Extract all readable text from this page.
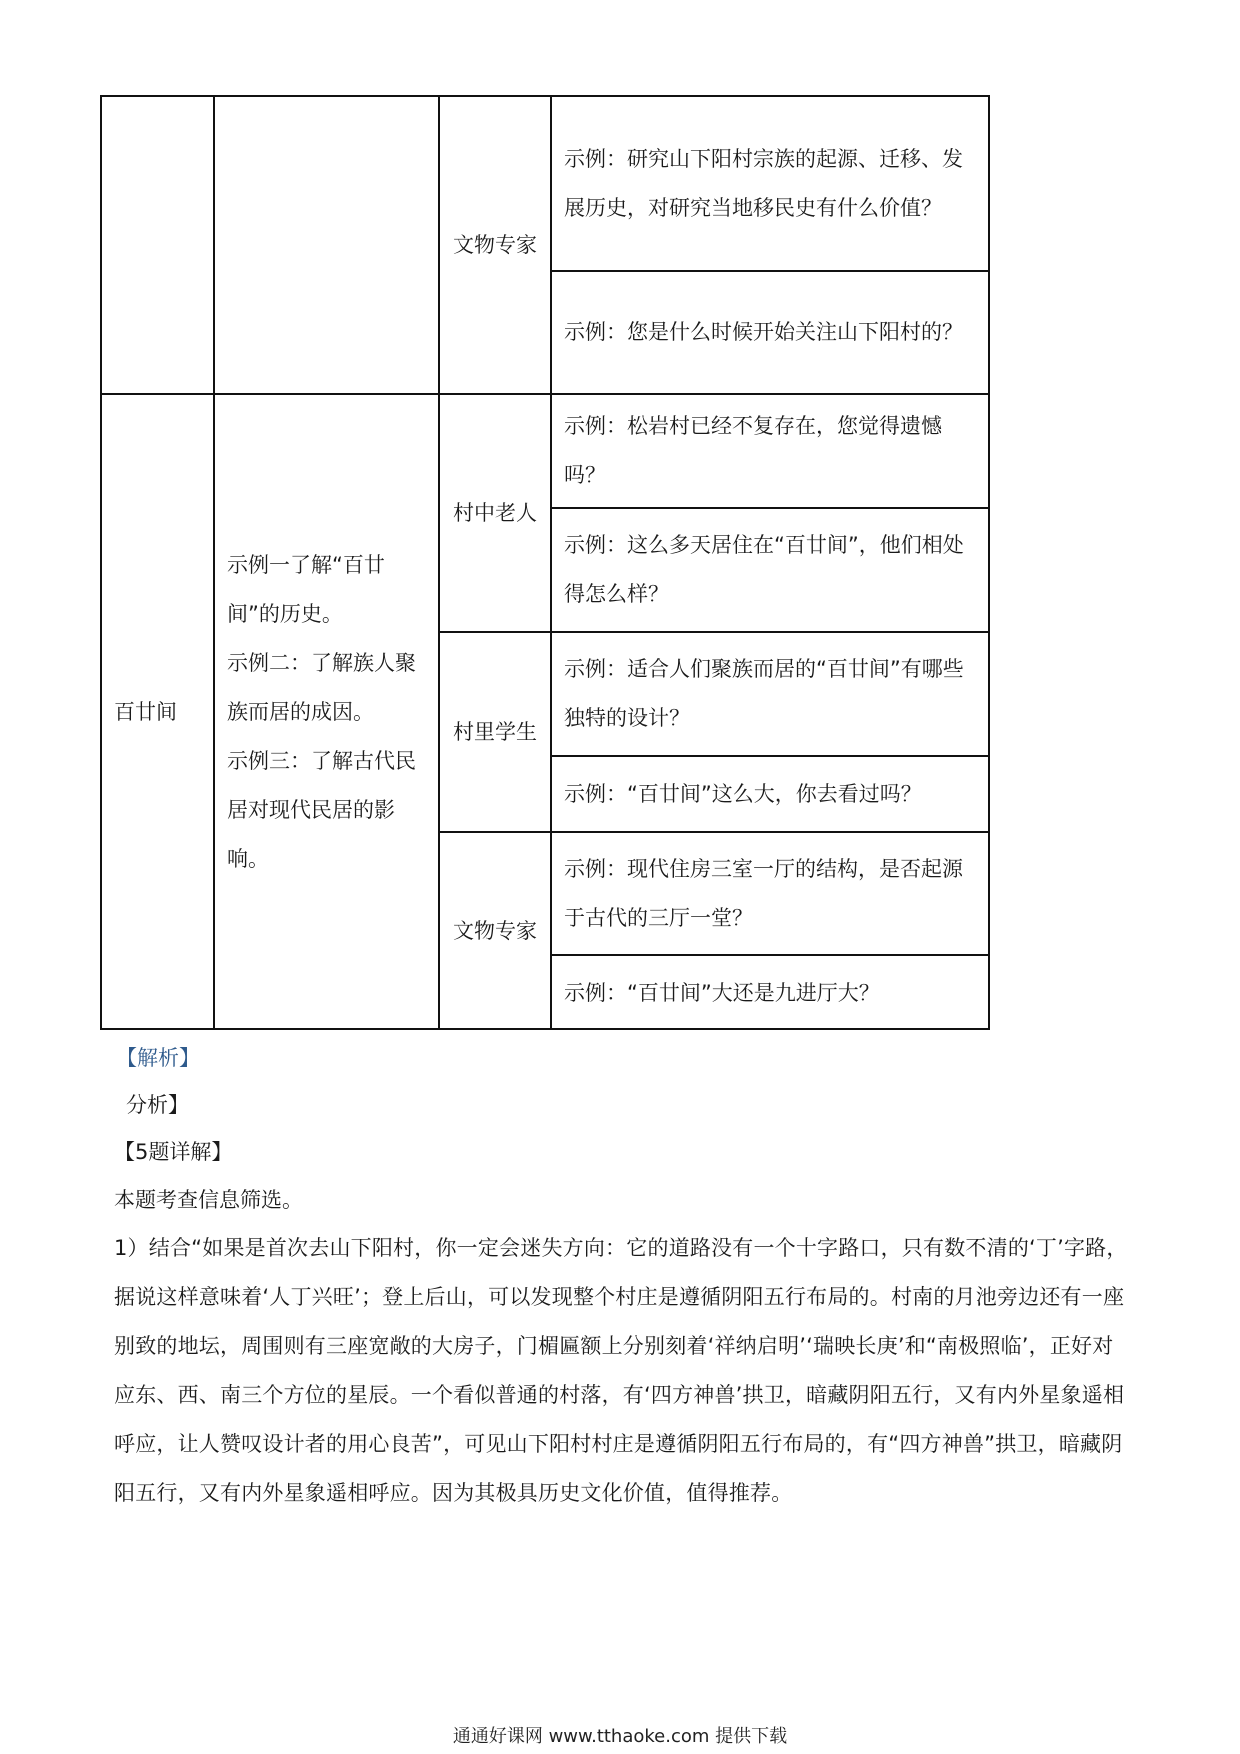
文物专家
示例：研究山下阳村宗族的起源、迁移、发展历史，对研究当地移民史有什么价值？
示例：您是什么时候开始关注山下阳村的？
百廿间
示例一了解“百廿间”的历史。
示例二：了解族人聚族而居的成因。
示例三：了解古代民居对现代民居的影响。
村中老人
村里学生
文物专家
示例：松岩村已经不复存在，您觉得遗憾吗？
示例：这么多天居住在“百廿间”，他们相处得怎么样？
示例：适合人们聚族而居的“百廿间”有哪些独特的设计？
示例：“百廿间”这么大，你去看过吗？
示例：现代住房三室一厅的结构，是否起源于古代的三厅一堂？
示例：“百廿间”大还是九进厅大？
【解析】
分析】
【5题详解】
本题考查信息筛选。
1）结合“如果是首次去山下阳村，你一定会迷失方向：它的道路没有一个十字路口，只有数不清的‘丁’字路，据说这样意味着‘人丁兴旺’；登上后山，可以发现整个村庄是遵循阴阳五行布局的。村南的月池旁边还有一座别致的地坛，周围则有三座宽敞的大房子，门楣匾额上分别刻着‘祥纳启明’‘瑞映长庚’和“南极照临’，正好对应东、西、南三个方位的星辰。一个看似普通的村落，有‘四方神兽’拱卫，暗藏阴阳五行，又有内外星象遥相呼应，让人赞叹设计者的用心良苦”，可见山下阳村村庄是遵循阴阳五行布局的，有“四方神兽”拱卫，暗藏阴阳五行，又有内外星象遥相呼应。因为其极具历史文化价值，值得推荐。
通通好课网 www.tthaoke.com 提供下载
